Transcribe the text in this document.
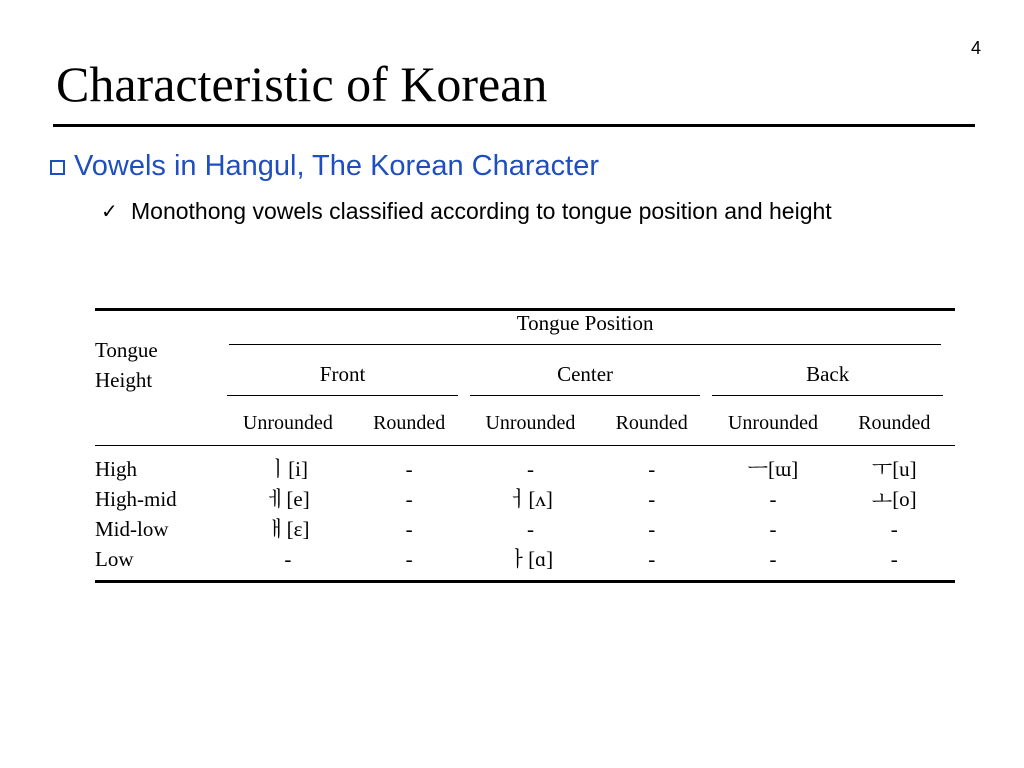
4
Characteristic of Korean
Vowels in Hangul, The Korean Character
✓ Monothong vowels classified according to tongue position and height
Tongue Height	Tongue Position					

	Front		Center		Back	

	Unrounded	Rounded	Unrounded	Rounded	Unrounded	Rounded
High	ㅣ[i]	-	-	-	ㅡ[ɯ]	ㅜ[u]
High-mid	ㅔ[e]	-	ㅓ[ʌ]	-	-	ㅗ[o]
Mid-low	ㅐ[ɛ]	-	-	-	-	-
Low	-	-	ㅏ[ɑ]	-	-	-
